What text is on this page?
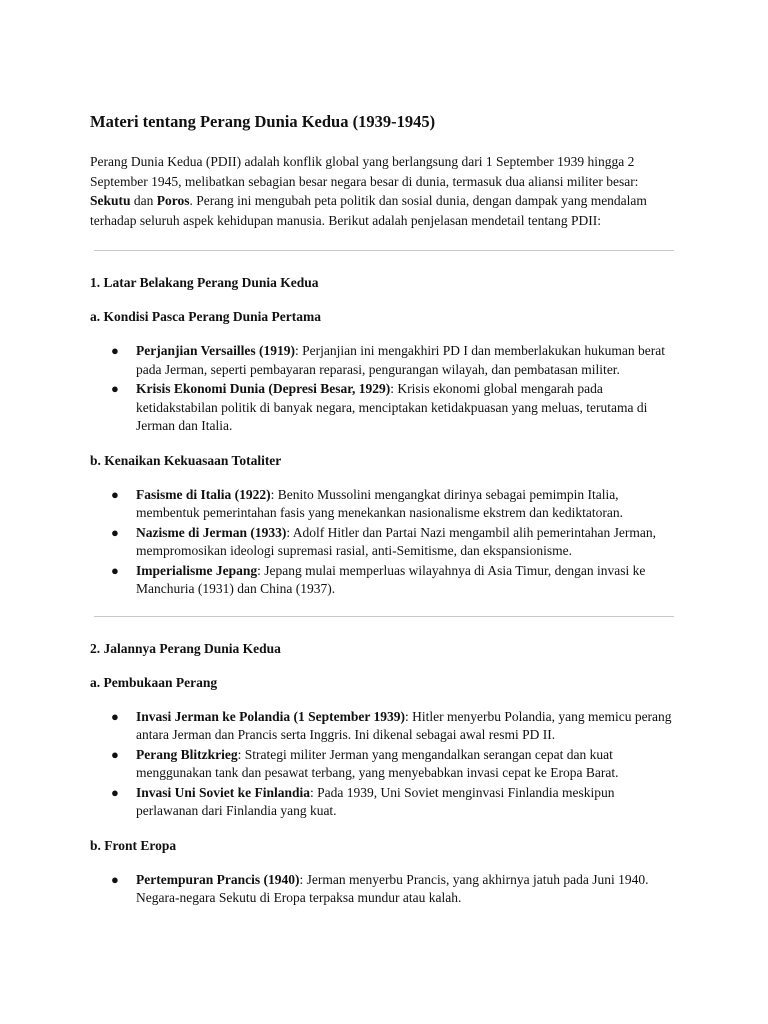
Materi tentang Perang Dunia Kedua (1939-1945)

Perang Dunia Kedua (PDII) adalah konflik global yang berlangsung dari 1 September 1939 hingga 2 September 1945, melibatkan sebagian besar negara besar di dunia, termasuk dua aliansi militer besar: Sekutu dan Poros. Perang ini mengubah peta politik dan sosial dunia, dengan dampak yang mendalam terhadap seluruh aspek kehidupan manusia. Berikut adalah penjelasan mendetail tentang PDII:

1. Latar Belakang Perang Dunia Kedua
a. Kondisi Pasca Perang Dunia Pertama
● Perjanjian Versailles (1919): Perjanjian ini mengakhiri PD I dan memberlakukan hukuman berat pada Jerman, seperti pembayaran reparasi, pengurangan wilayah, dan pembatasan militer.
● Krisis Ekonomi Dunia (Depresi Besar, 1929): Krisis ekonomi global mengarah pada ketidakstabilan politik di banyak negara, menciptakan ketidakpuasan yang meluas, terutama di Jerman dan Italia.
b. Kenaikan Kekuasaan Totaliter
● Fasisme di Italia (1922): Benito Mussolini mengangkat dirinya sebagai pemimpin Italia, membentuk pemerintahan fasis yang menekankan nasionalisme ekstrem dan kediktatoran.
● Nazisme di Jerman (1933): Adolf Hitler dan Partai Nazi mengambil alih pemerintahan Jerman, mempromosikan ideologi supremasi rasial, anti-Semitisme, dan ekspansionisme.
● Imperialisme Jepang: Jepang mulai memperluas wilayahnya di Asia Timur, dengan invasi ke Manchuria (1931) dan China (1937).
2. Jalannya Perang Dunia Kedua
a. Pembukaan Perang
● Invasi Jerman ke Polandia (1 September 1939): Hitler menyerbu Polandia, yang memicu perang antara Jerman dan Prancis serta Inggris. Ini dikenal sebagai awal resmi PD II.
● Perang Blitzkrieg: Strategi militer Jerman yang mengandalkan serangan cepat dan kuat menggunakan tank dan pesawat terbang, yang menyebabkan invasi cepat ke Eropa Barat.
● Invasi Uni Soviet ke Finlandia: Pada 1939, Uni Soviet menginvasi Finlandia meskipun perlawanan dari Finlandia yang kuat.
b. Front Eropa
● Pertempuran Prancis (1940): Jerman menyerbu Prancis, yang akhirnya jatuh pada Juni 1940. Negara-negara Sekutu di Eropa terpaksa mundur atau kalah.
